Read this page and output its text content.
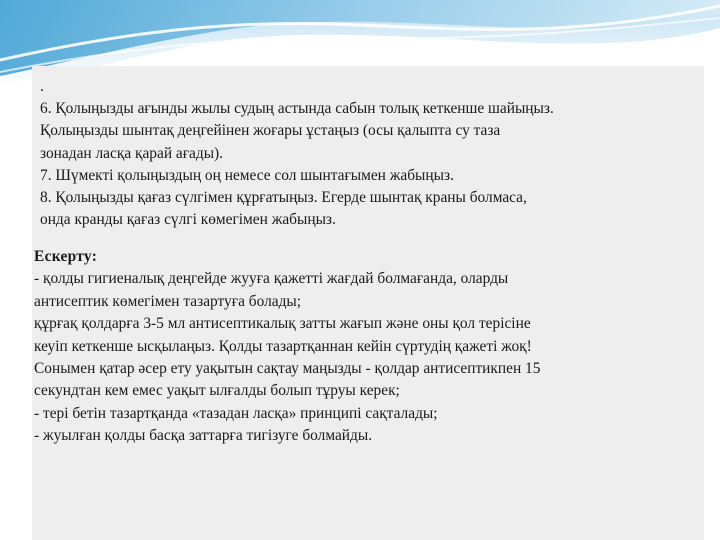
.
6. Қолыңызды ағынды жылы судың астында сабын толық кеткенше шайыңыз.
Қолыңызды шынтақ деңгейінен жоғары ұстаңыз (осы қалыпта су таза
зонадан ласқа қарай ағады).
7. Шүмекті қолыңыздың оң немесе сол шынтағымен жабыңыз.
8. Қолыңызды қағаз сүлгімен құрғатыңыз. Егерде шынтақ краны болмаса,
онда кранды қағаз сүлгі көмегімен жабыңыз.
Ескерту:
- қолды гигиеналық деңгейде жууға қажетті жағдай болмағанда, оларды
антисептик көмегімен тазартуға болады;
құрғақ қолдарға 3-5 мл антисептикалық затты жағып және оны қол терісіне
кеуіп кеткенше ысқылаңыз. Қолды тазартқаннан кейін сүртудің қажеті жоқ!
Сонымен қатар әсер ету уақытын сақтау маңызды - қолдар антисептикпен 15
секундтан кем емес уақыт ылғалды болып тұруы керек;
- тері бетін тазартқанда «тазадан ласқа» принципі сақталады;
- жуылған қолды басқа заттарға тигізуге болмайды.
